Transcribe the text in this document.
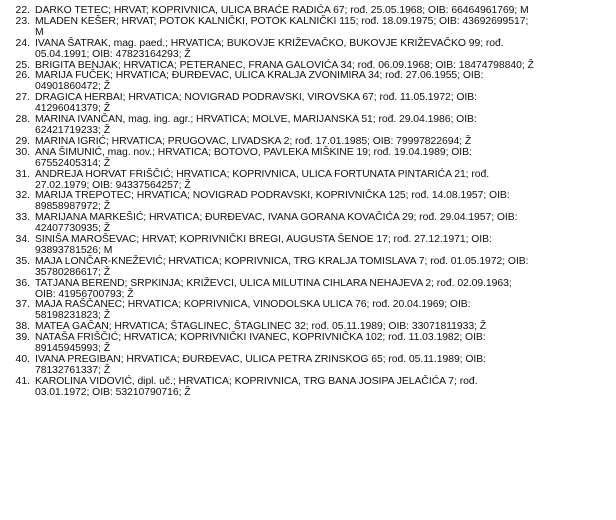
22. DARKO TETEC; HRVAT; KOPRIVNICA, ULICA BRAĆE RADIĆA 67; rođ. 25.05.1968; OIB: 66464961769; M
23. MLADEN KEŠER; HRVAT; POTOK KALNIČKI, POTOK KALNIČKI 115; rođ. 18.09.1975; OIB: 43692699517;
M
24. IVANA ŠATRAK, mag. paed.; HRVATICA; BUKOVJE KRIŽEVAČKO, BUKOVJE KRIŽEVAČKO 99; rođ.
05.04.1991; OIB: 47823164293; Ž
25. BRIGITA BENJAK; HRVATICA; PETERANEC, FRANA GALOVIĆA 34; rođ. 06.09.1968; OIB: 18474798840; Ž
26. MARIJA FUČEK; HRVATICA; ĐURĐEVAC, ULICA KRALJA ZVONIMIRA 34; rođ. 27.06.1955; OIB:
04901860472; Ž
27. DRAGICA HERBAI; HRVATICA; NOVIGRAD PODRAVSKI, VIROVSKA 67; rođ. 11.05.1972; OIB:
41296041379; Ž
28. MARINA IVANČAN, mag. ing. agr.; HRVATICA; MOLVE, MARIJANSKA 51; rođ. 29.04.1986; OIB:
62421719233; Ž
29. MARINA IGRIĆ; HRVATICA; PRUGOVAC, LIVADSKA 2; rođ. 17.01.1985; OIB: 79997822694; Ž
30. ANA ŠIMUNIĆ, mag. nov.; HRVATICA; BOTOVO, PAVLEKA MIŠKINE 19; rođ. 19.04.1989; OIB:
67552405314; Ž
31. ANDREJA HORVAT FRIŠČIĆ; HRVATICA; KOPRIVNICA, ULICA FORTUNATA PINTARIĆA 21; rođ.
27.02.1979; OIB: 94337564257; Ž
32. MARIJA TREPOTEC; HRVATICA; NOVIGRAD PODRAVSKI, KOPRIVNIČKA 125; rođ. 14.08.1957; OIB:
89858987972; Ž
33. MARIJANA MARKEŠIĆ; HRVATICA; ĐURĐEVAC, IVANA GORANA KOVAČIĆA 29; rođ. 29.04.1957; OIB:
42407730935; Ž
34. SINIŠA MAROŠEVAC; HRVAT; KOPRIVNIČKI BREGI, AUGUSTA ŠENOE 17; rođ. 27.12.1971; OIB:
93893781526; M
35. MAJA LONČAR-KNEŽEVIĆ; HRVATICA; KOPRIVNICA, TRG KRALJA TOMISLAVA 7; rođ. 01.05.1972; OIB:
35780286617; Ž
36. TATJANA BEREND; SRPKINJA; KRIŽEVCI, ULICA MILUTINA CIHLARA NEHAJEVA 2; rođ. 02.09.1963;
OIB: 41956700793; Ž
37. MAJA RAŠČANEC; HRVATICA; KOPRIVNICA, VINODOLSKA ULICA 76; rođ. 20.04.1969; OIB:
58198231823; Ž
38. MATEA GAČAN; HRVATICA; ŠTAGLINEC, ŠTAGLINEC 32; rođ. 05.11.1989; OIB: 33071811933; Ž
39. NATAŠA FRIŠČIĆ; HRVATICA; KOPRIVNIČKI IVANEC, KOPRIVNIČKA 102; rođ. 11.03.1982; OIB:
89145945993; Ž
40. IVANA PREGIBAN; HRVATICA; ĐURĐEVAC, ULICA PETRA ZRINSKOG 65; rođ. 05.11.1989; OIB:
78132761337; Ž
41. KAROLINA VIDOVIĆ, dipl. uč.; HRVATICA; KOPRIVNICA, TRG BANA JOSIPA JELAČIĆA 7; rođ.
03.01.1972; OIB: 53210790716; Ž
